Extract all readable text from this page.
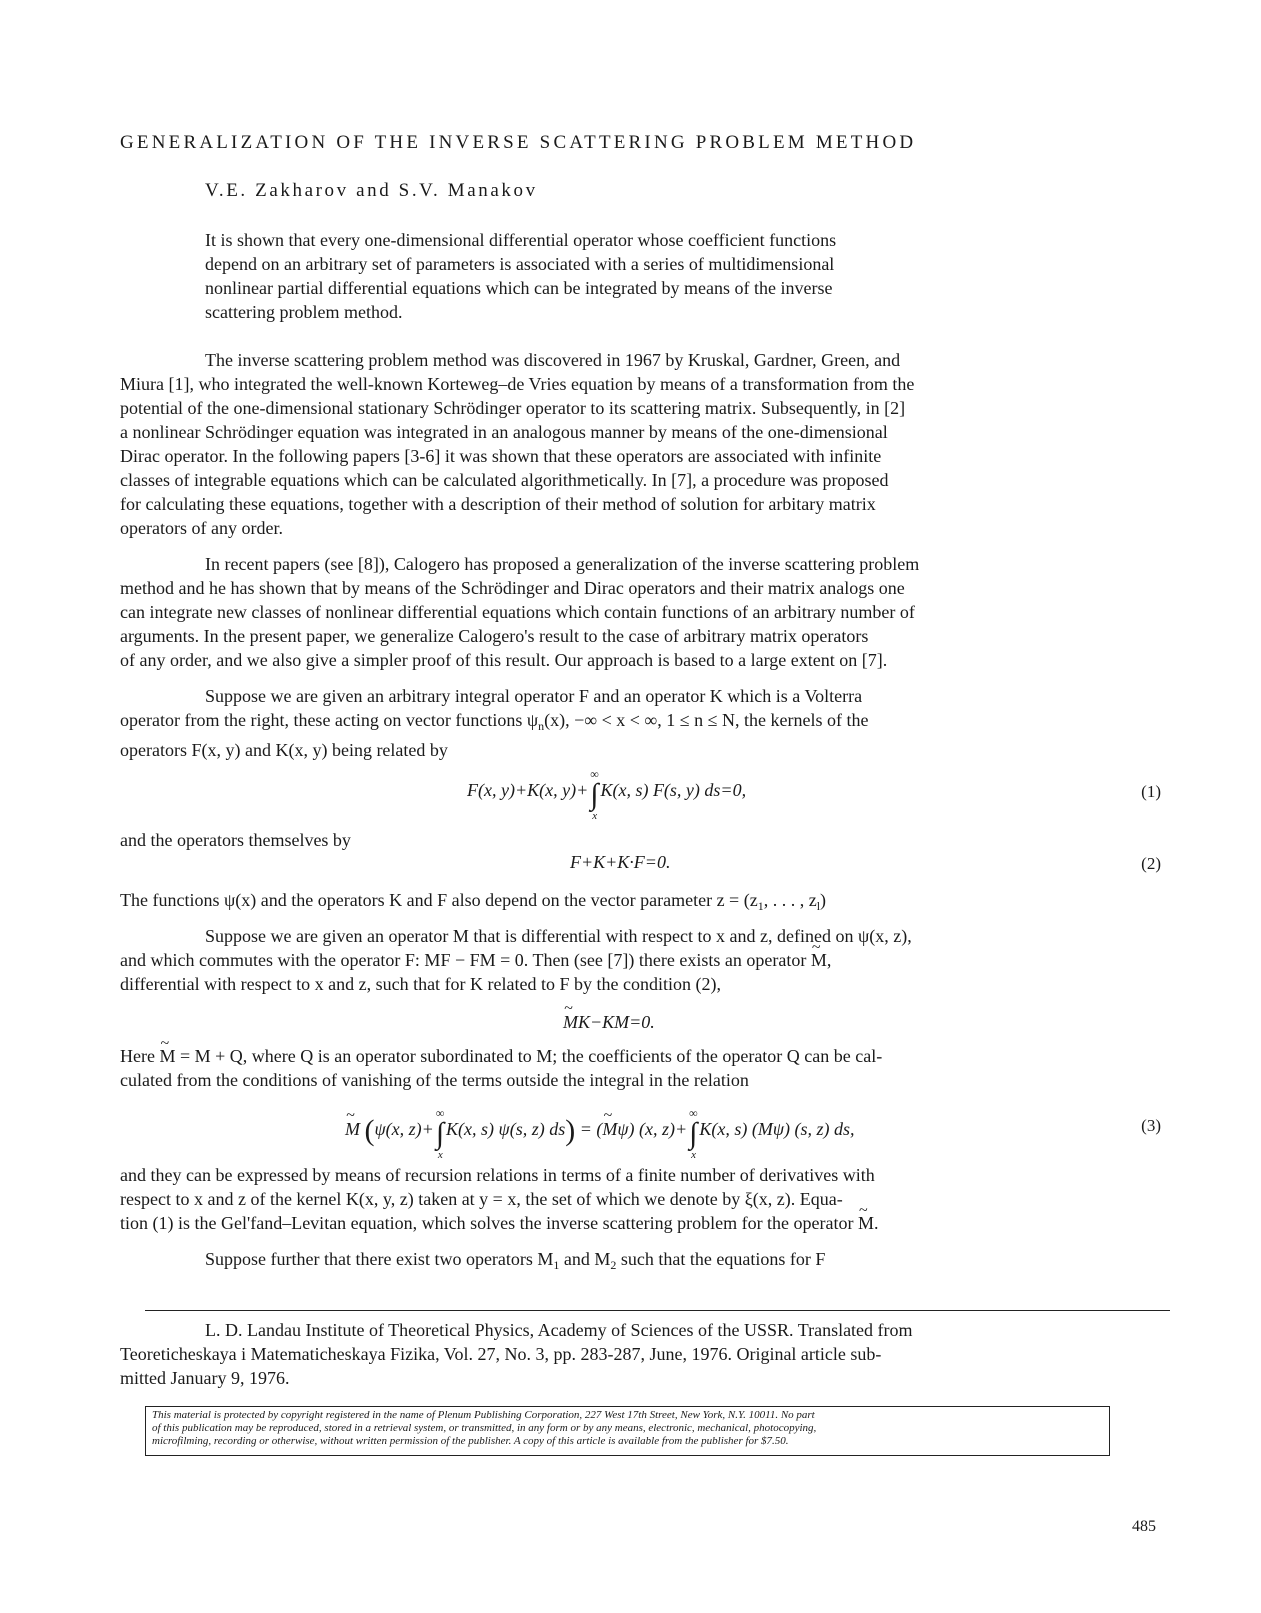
GENERALIZATION OF THE INVERSE SCATTERING PROBLEM METHOD
V.E. Zakharov and S.V. Manakov
It is shown that every one-dimensional differential operator whose coefficient functions
depend on an arbitrary set of parameters is associated with a series of multidimensional
nonlinear partial differential equations which can be integrated by means of the inverse
scattering problem method.
The inverse scattering problem method was discovered in 1967 by Kruskal, Gardner, Green, and
Miura [1], who integrated the well-known Korteweg–de Vries equation by means of a transformation from the
potential of the one-dimensional stationary Schrödinger operator to its scattering matrix. Subsequently, in [2]
a nonlinear Schrödinger equation was integrated in an analogous manner by means of the one-dimensional
Dirac operator. In the following papers [3-6] it was shown that these operators are associated with infinite
classes of integrable equations which can be calculated algorithmetically. In [7], a procedure was proposed
for calculating these equations, together with a description of their method of solution for arbitary matrix
operators of any order.
In recent papers (see [8]), Calogero has proposed a generalization of the inverse scattering problem
method and he has shown that by means of the Schrödinger and Dirac operators and their matrix analogs one
can integrate new classes of nonlinear differential equations which contain functions of an arbitrary number of
arguments. In the present paper, we generalize Calogero's result to the case of arbitrary matrix operators
of any order, and we also give a simpler proof of this result. Our approach is based to a large extent on [7].
Suppose we are given an arbitrary integral operator F and an operator K which is a Volterra
operator from the right, these acting on vector functions $\psi_n(x)$, −∞ < x < ∞, 1 ≤ n ≤ N, the kernels of the
operators F(x, y) and K(x, y) being related by
F(x, y)+K(x, y)+∫
∞
x
K(x, s) F(s, y) ds=0,	(1)
and the operators themselves by
F+K+K·F=0.	(2)
The functions ψ(x) and the operators K and F also depend on the vector parameter $z = (z_1$, . . . , $z_l$)
Suppose we are given an operator M that is differential with respect to x and z, defined on ψ(x, z),
and which commutes with the operator F: MF − FM = 0. Then (see [7]) there exists an operator ~ M,
differential with respect to x and z, such that for K related to F by the condition (2),
~ MK−KM=0.
Here ~ M = M + Q, where Q is an operator subordinated to M; the coefficients of the operator Q can be cal-
culated from the conditions of vanishing of the terms outside the integral in the relation
~ M (ψ(x, z)+∫
∞
x
K(x, s) ψ(s, z) ds) = (~ Mψ) (x, z)+∫
∞
x
K(x, s) (Mψ) (s, z) ds,	(3)
and they can be expressed by means of recursion relations in terms of a finite number of derivatives with
respect to x and z of the kernel K(x, y, z) taken at y = x, the set of which we denote by ξ(x, z). Equa-
tion (1) is the Gel'fand–Levitan equation, which solves the inverse scattering problem for the operator ~ M.
Suppose further that there exist two operators $M_1$ and $M_2$ such that the equations for F
L. D. Landau Institute of Theoretical Physics, Academy of Sciences of the USSR. Translated from
Teoreticheskaya i Matematicheskaya Fizika, Vol. 27, No. 3, pp. 283-287, June, 1976. Original article sub-
mitted January 9, 1976.
This material is protected by copyright registered in the name of Plenum Publishing Corporation, 227 West 17th Street, New York, N.Y. 10011. No part
of this publication may be reproduced, stored in a retrieval system, or transmitted, in any form or by any means, electronic, mechanical, photocopying,
microfilming, recording or otherwise, without written permission of the publisher. A copy of this article is available from the publisher for $7.50.
485
